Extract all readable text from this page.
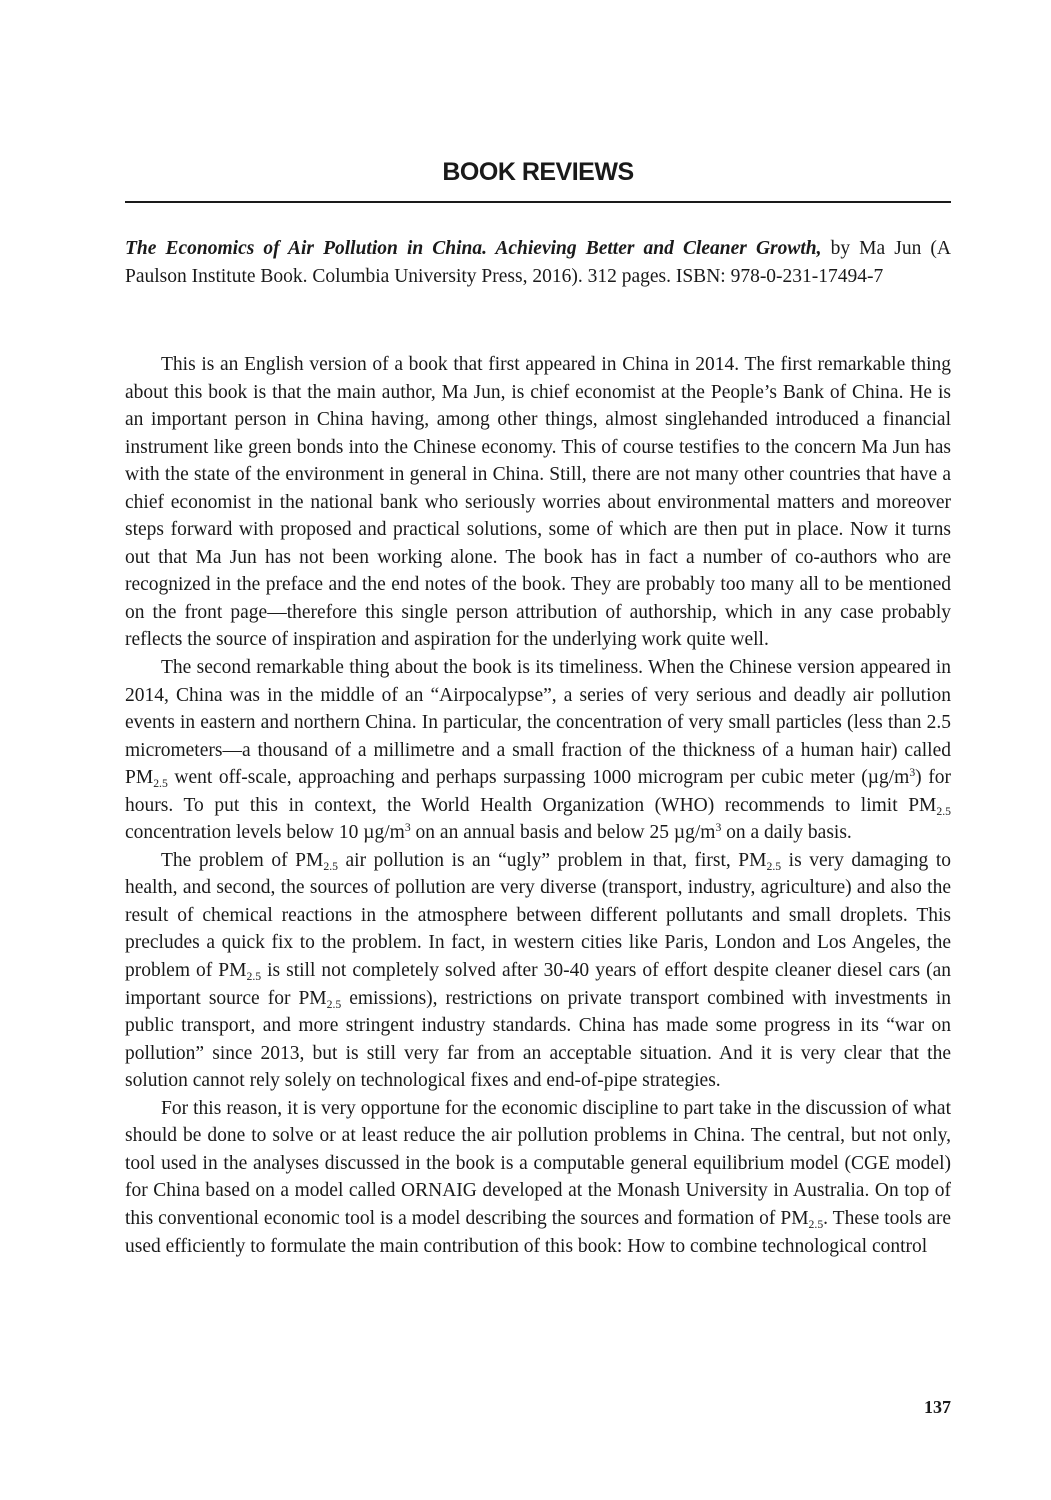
BOOK REVIEWS
The Economics of Air Pollution in China. Achieving Better and Cleaner Growth, by Ma Jun (A Paulson Institute Book. Columbia University Press, 2016). 312 pages. ISBN: 978-0-231-17494-7

This is an English version of a book that first appeared in China in 2014. The first remarkable thing about this book is that the main author, Ma Jun, is chief economist at the People’s Bank of China. He is an important person in China having, among other things, almost singlehanded introduced a financial instrument like green bonds into the Chinese economy. This of course testifies to the concern Ma Jun has with the state of the environment in general in China. Still, there are not many other countries that have a chief economist in the national bank who seriously worries about environmental matters and moreover steps forward with proposed and practical solutions, some of which are then put in place. Now it turns out that Ma Jun has not been working alone. The book has in fact a number of co-authors who are recognized in the preface and the end notes of the book. They are probably too many all to be mentioned on the front page—therefore this single person attribution of authorship, which in any case probably reflects the source of inspiration and aspiration for the underlying work quite well.

The second remarkable thing about the book is its timeliness. When the Chinese version appeared in 2014, China was in the middle of an “Airpocalypse”, a series of very serious and deadly air pollution events in eastern and northern China. In particular, the concentration of very small particles (less than 2.5 micrometers—a thousand of a millimetre and a small fraction of the thickness of a human hair) called $PM_{2.5}$ went off-scale, approaching and perhaps surpassing 1000 microgram per cubic meter $(\mu g/m^3)$ for hours. To put this in context, the World Health Organization (WHO) recommends to limit $PM_{2.5}$ concentration levels below 10 $\mu g/m^3$ on an annual basis and below 25 $\mu g/m^3$ on a daily basis.

The problem of $PM_{2.5}$ air pollution is an “ugly” problem in that, first, $PM_{2.5}$ is very damaging to health, and second, the sources of pollution are very diverse (transport, industry, agriculture) and also the result of chemical reactions in the atmosphere between different pollutants and small droplets. This precludes a quick fix to the problem. In fact, in western cities like Paris, London and Los Angeles, the problem of $PM_{2.5}$ is still not completely solved after 30-40 years of effort despite cleaner diesel cars (an important source for $PM_{2.5}$ emissions), restrictions on private transport combined with investments in public transport, and more stringent industry standards. China has made some progress in its “war on pollution” since 2013, but is still very far from an acceptable situation. And it is very clear that the solution cannot rely solely on technological fixes and end-of-pipe strategies.

For this reason, it is very opportune for the economic discipline to part take in the discussion of what should be done to solve or at least reduce the air pollution problems in China. The central, but not only, tool used in the analyses discussed in the book is a computable general equilibrium model (CGE model) for China based on a model called ORNAIG developed at the Monash University in Australia. On top of this conventional economic tool is a model describing the sources and formation of $PM_{2.5}$. These tools are used efficiently to formulate the main contribution of this book: How to combine technological control

137
